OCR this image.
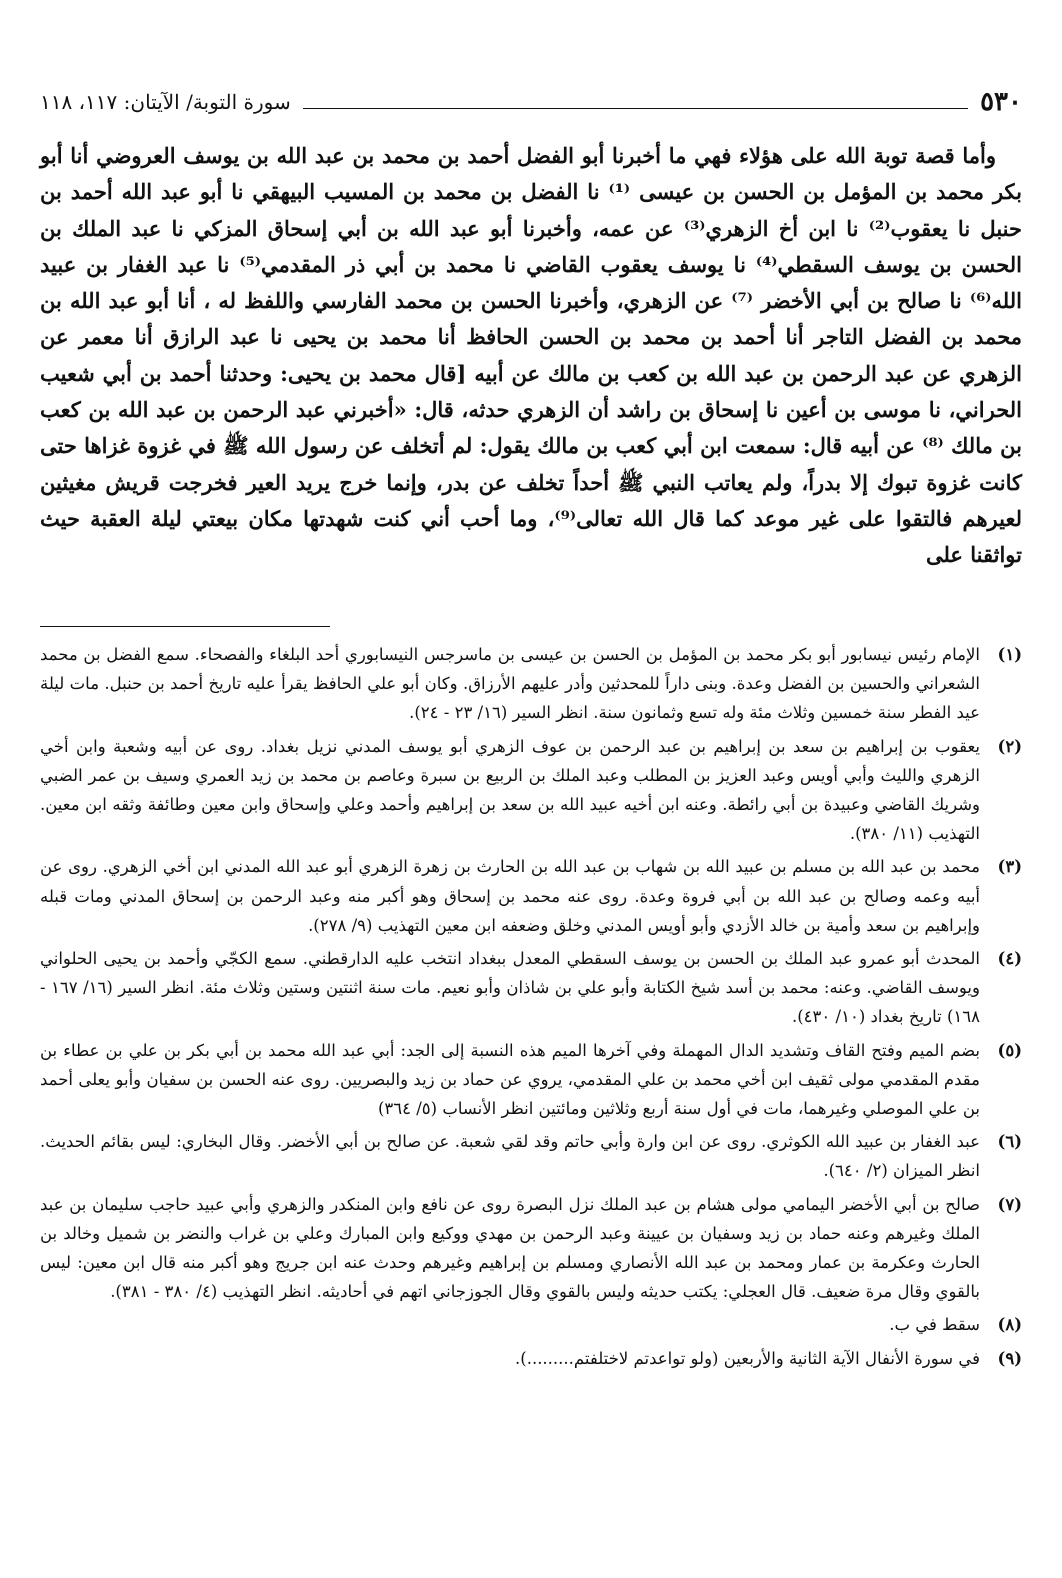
٥٣٠
سورة التوبة/ الآيتان: ١١٧، ١١٨

وأما قصة توبة الله على هؤلاء فهي ما أخبرنا أبو الفضل أحمد بن محمد بن عبد الله بن يوسف العروضي أنا أبو بكر محمد بن المؤمل بن الحسن بن عيسى ⁽¹⁾ نا الفضل بن محمد بن المسيب البيهقي نا أبو عبد الله أحمد بن حنبل نا يعقوب⁽²⁾ نا ابن أخ الزهري⁽³⁾ عن عمه، وأخبرنا أبو عبد الله بن أبي إسحاق المزكي نا عبد الملك بن الحسن بن يوسف السقطي⁽⁴⁾ نا يوسف يعقوب القاضي نا محمد بن أبي ذر المقدمي⁽⁵⁾ نا عبد الغفار بن عبيد الله⁽⁶⁾ نا صالح بن أبي الأخضر ⁽⁷⁾ عن الزهري، وأخبرنا الحسن بن محمد الفارسي واللفظ له ، أنا أبو عبد الله بن محمد بن الفضل التاجر أنا أحمد بن محمد بن الحسن الحافظ أنا محمد بن يحيى نا عبد الرازق أنا معمر عن الزهري عن عبد الرحمن بن عبد الله بن كعب بن مالك عن أبيه [قال محمد بن يحيى: وحدثنا أحمد بن أبي شعيب الحراني، نا موسى بن أعين نا إسحاق بن راشد أن الزهري حدثه، قال: «أخبرني عبد الرحمن بن عبد الله بن كعب بن مالك ⁽⁸⁾ عن أبيه قال: سمعت ابن أبي كعب بن مالك يقول: لم أتخلف عن رسول الله ﷺ في غزوة غزاها حتى كانت غزوة تبوك إلا بدراً، ولم يعاتب النبي ﷺ أحداً تخلف عن بدر، وإنما خرج يريد العير فخرجت قريش مغيثين لعيرهم فالتقوا على غير موعد كما قال الله تعالى⁽⁹⁾، وما أحب أني كنت شهدتها مكان بيعتي ليلة العقبة حيث تواثقنا على

(١)
الإمام رئيس نيسابور أبو بكر محمد بن المؤمل بن الحسن بن عيسى بن ماسرجس النيسابوري أحد البلغاء والفصحاء. سمع الفضل بن محمد الشعراني والحسين بن الفضل وعدة. وبنى داراً للمحدثين وأدر عليهم الأرزاق. وكان أبو علي الحافظ يقرأ عليه تاريخ أحمد بن حنبل. مات ليلة عيد الفطر سنة خمسين وثلاث مئة وله تسع وثمانون سنة. انظر السير (١٦/ ٢٣ - ٢٤).
(٢)
يعقوب بن إبراهيم بن سعد بن إبراهيم بن عبد الرحمن بن عوف الزهري أبو يوسف المدني نزيل بغداد. روى عن أبيه وشعبة وابن أخي الزهري والليث وأبي أويس وعبد العزيز بن المطلب وعبد الملك بن الربيع بن سبرة وعاصم بن محمد بن زيد العمري وسيف بن عمر الضبي وشريك القاضي وعبيدة بن أبي رائطة. وعنه ابن أخيه عبيد الله بن سعد بن إبراهيم وأحمد وعلي وإسحاق وابن معين وطائفة وثقه ابن معين. التهذيب (١١/ ٣٨٠).
(٣)
محمد بن عبد الله بن مسلم بن عبيد الله بن شهاب بن عبد الله بن الحارث بن زهرة الزهري أبو عبد الله المدني ابن أخي الزهري. روى عن أبيه وعمه وصالح بن عبد الله بن أبي فروة وعدة. روى عنه محمد بن إسحاق وهو أكبر منه وعبد الرحمن بن إسحاق المدني ومات قبله وإبراهيم بن سعد وأمية بن خالد الأزدي وأبو أويس المدني وخلق وضعفه ابن معين التهذيب (٩/ ٢٧٨).
(٤)
المحدث أبو عمرو عبد الملك بن الحسن بن يوسف السقطي المعدل ببغداد انتخب عليه الدارقطني. سمع الكجّي وأحمد بن يحيى الحلواني ويوسف القاضي. وعنه: محمد بن أسد شيخ الكتابة وأبو علي بن شاذان وأبو نعيم. مات سنة اثنتين وستين وثلاث مئة. انظر السير (١٦/ ١٦٧ - ١٦٨) تاريخ بغداد (١٠/ ٤٣٠).
(٥)
بضم الميم وفتح القاف وتشديد الدال المهملة وفي آخرها الميم هذه النسبة إلى الجد: أبي عبد الله محمد بن أبي بكر بن علي بن عطاء بن مقدم المقدمي مولى ثقيف ابن أخي محمد بن علي المقدمي، يروي عن حماد بن زيد والبصريين. روى عنه الحسن بن سفيان وأبو يعلى أحمد بن علي الموصلي وغيرهما، مات في أول سنة أربع وثلاثين ومائتين انظر الأنساب (٥/ ٣٦٤)
(٦)
عبد الغفار بن عبيد الله الكوثري. روى عن ابن وارة وأبي حاتم وقد لقي شعبة. عن صالح بن أبي الأخضر. وقال البخاري: ليس بقائم الحديث. انظر الميزان (٢/ ٦٤٠).
(٧)
صالح بن أبي الأخضر اليمامي مولى هشام بن عبد الملك نزل البصرة روى عن نافع وابن المنكدر والزهري وأبي عبيد حاجب سليمان بن عبد الملك وغيرهم وعنه حماد بن زيد وسفيان بن عيينة وعبد الرحمن بن مهدي ووكيع وابن المبارك وعلي بن غراب والنضر بن شميل وخالد بن الحارث وعكرمة بن عمار ومحمد بن عبد الله الأنصاري ومسلم بن إبراهيم وغيرهم وحدث عنه ابن جريج وهو أكبر منه قال ابن معين: ليس بالقوي وقال مرة ضعيف. قال العجلي: يكتب حديثه وليس بالقوي وقال الجوزجاني اتهم في أحاديثه. انظر التهذيب (٤/ ٣٨٠ - ٣٨١).
(٨)
سقط في ب.
(٩)
في سورة الأنفال الآية الثانية والأربعين (ولو تواعدتم لاختلفتم.........).
